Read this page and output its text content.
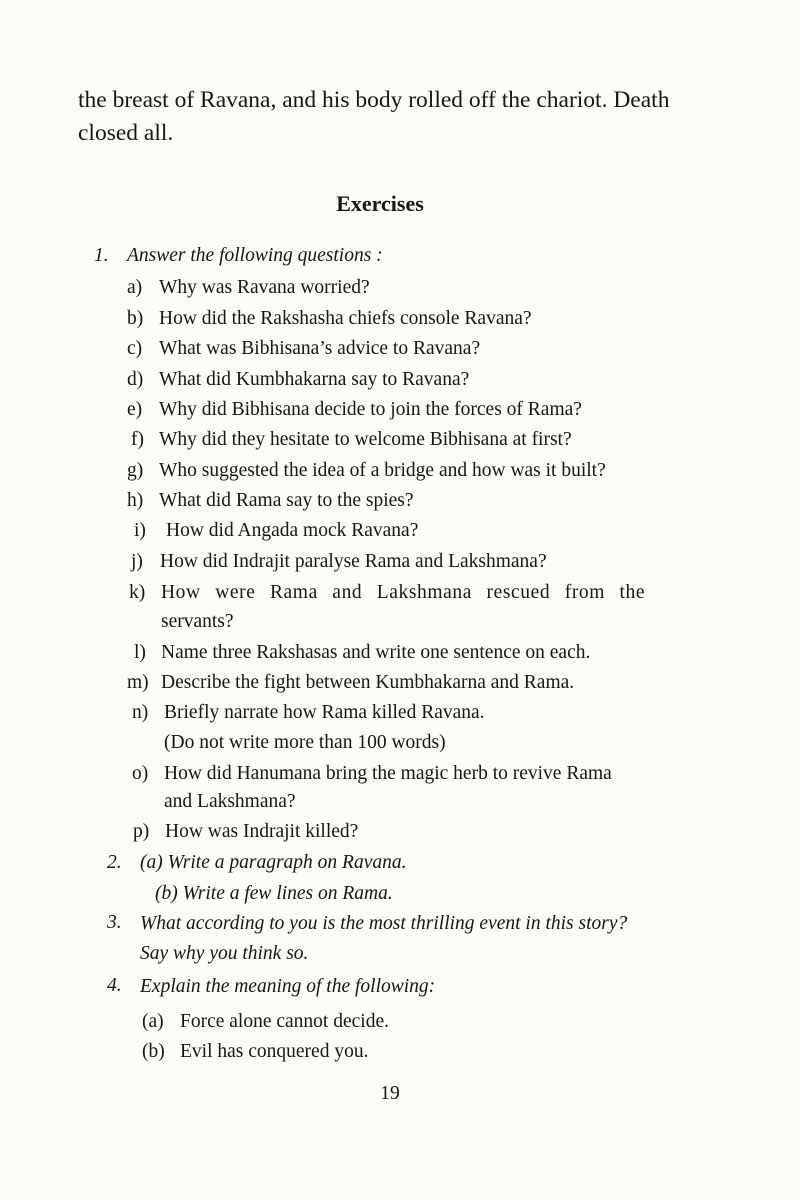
the breast of Ravana, and his body rolled off the chariot. Death
closed all.

Exercises
1. Answer the following questions :
a) Why was Ravana worried?
b) How did the Rakshasha chiefs console Ravana?
c) What was Bibhisana’s advice to Ravana?
d) What did Kumbhakarna say to Ravana?
e) Why did Bibhisana decide to join the forces of Rama?
f) Why did they hesitate to welcome Bibhisana at first?
g) Who suggested the idea of a bridge and how was it built?
h) What did Rama say to the spies?
i) How did Angada mock Ravana?
j) How did Indrajit paralyse Rama and Lakshmana?
k) How were Rama and Lakshmana rescued from the
servants?
l) Name three Rakshasas and write one sentence on each.
m) Describe the fight between Kumbhakarna and Rama.
n) Briefly narrate how Rama killed Ravana.
(Do not write more than 100 words)
o) How did Hanumana bring the magic herb to revive Rama
and Lakshmana?
p) How was Indrajit killed?
2. (a) Write a paragraph on Ravana.
(b) Write a few lines on Rama.
3. What according to you is the most thrilling event in this story?
Say why you think so.
4. Explain the meaning of the following:
(a) Force alone cannot decide.
(b) Evil has conquered you.

19
